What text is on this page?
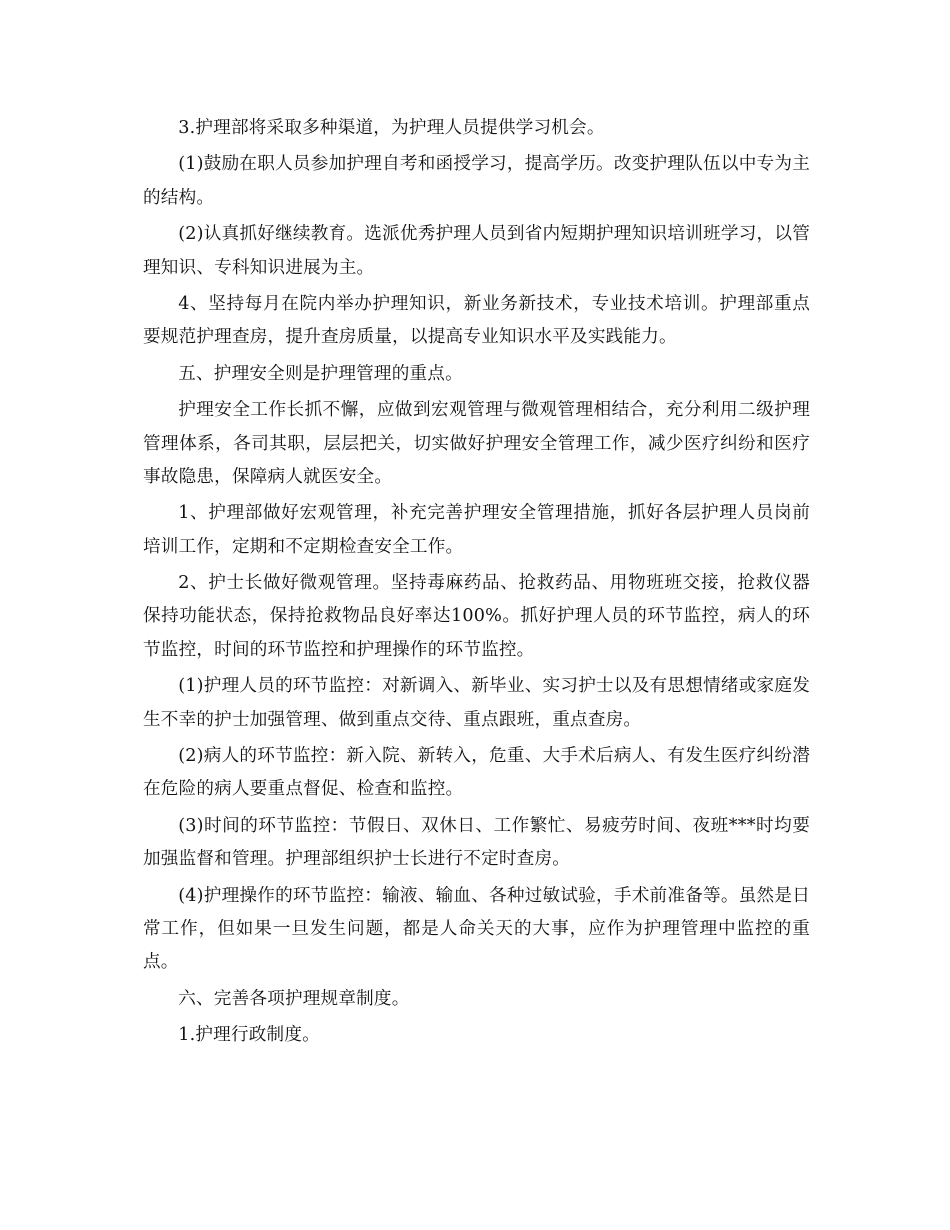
3.护理部将采取多种渠道，为护理人员提供学习机会。

(1)鼓励在职人员参加护理自考和函授学习，提高学历。改变护理队伍以中专为主的结构。

(2)认真抓好继续教育。选派优秀护理人员到省内短期护理知识培训班学习，以管理知识、专科知识进展为主。

4、坚持每月在院内举办护理知识，新业务新技术，专业技术培训。护理部重点要规范护理查房，提升查房质量，以提高专业知识水平及实践能力。

五、护理安全则是护理管理的重点。

护理安全工作长抓不懈，应做到宏观管理与微观管理相结合，充分利用二级护理管理体系，各司其职，层层把关，切实做好护理安全管理工作，减少医疗纠纷和医疗事故隐患，保障病人就医安全。

1、护理部做好宏观管理，补充完善护理安全管理措施，抓好各层护理人员岗前培训工作，定期和不定期检查安全工作。

2、护士长做好微观管理。坚持毒麻药品、抢救药品、用物班班交接，抢救仪器保持功能状态，保持抢救物品良好率达100%。抓好护理人员的环节监控，病人的环节监控，时间的环节监控和护理操作的环节监控。

(1)护理人员的环节监控：对新调入、新毕业、实习护士以及有思想情绪或家庭发生不幸的护士加强管理、做到重点交待、重点跟班，重点查房。

(2)病人的环节监控：新入院、新转入，危重、大手术后病人、有发生医疗纠纷潜在危险的病人要重点督促、检查和监控。

(3)时间的环节监控：节假日、双休日、工作繁忙、易疲劳时间、夜班***时均要加强监督和管理。护理部组织护士长进行不定时查房。

(4)护理操作的环节监控：输液、输血、各种过敏试验，手术前准备等。虽然是日常工作，但如果一旦发生问题，都是人命关天的大事，应作为护理管理中监控的重点。

六、完善各项护理规章制度。

1.护理行政制度。
